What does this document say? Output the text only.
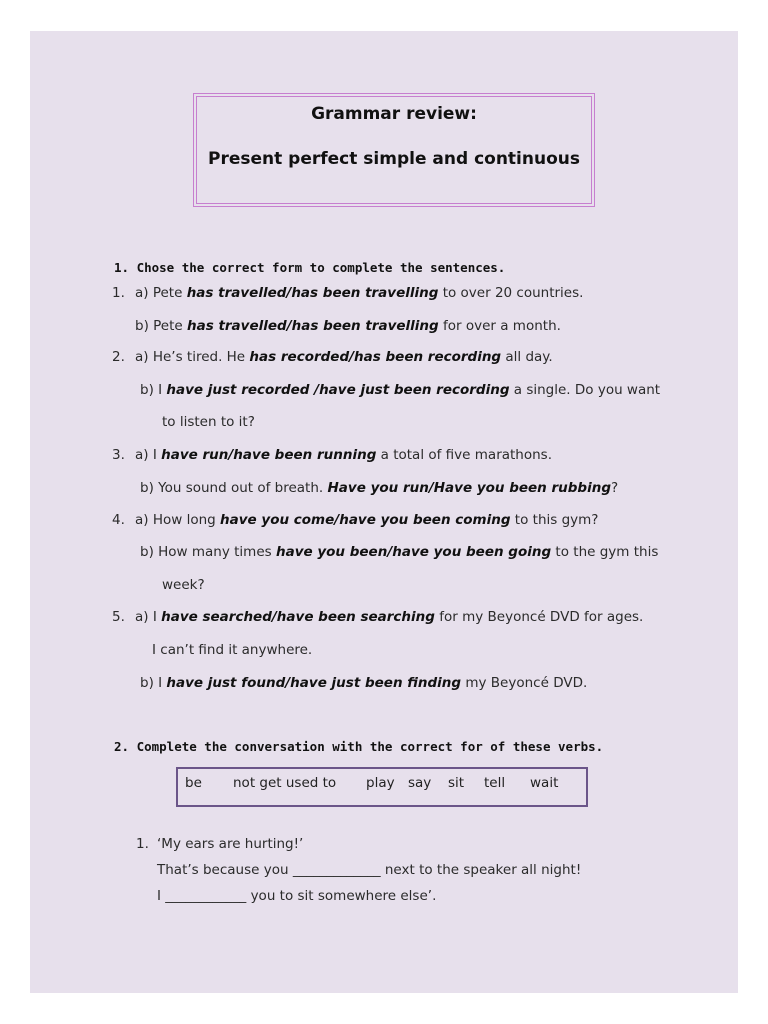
Grammar review:
Present perfect simple and continuous
1. Chose the correct form to complete the sentences.
1. a) Pete has travelled/has been travelling to over 20 countries.
b) Pete has travelled/has been travelling for over a month.
2. a) He’s tired. He has recorded/has been recording all day.
b) I have just recorded /have just been recording a single. Do you want
to listen to it?
3. a) I have run/have been running a total of five marathons.
b) You sound out of breath. Have you run/Have you been rubbing?
4. a) How long have you come/have you been coming to this gym?
b) How many times have you been/have you been going to the gym this
week?
5. a) I have searched/have been searching for my Beyoncé DVD for ages.
I can’t find it anywhere.
b) I have just found/have just been finding my Beyoncé DVD.
2. Complete the conversation with the correct for of these verbs.
be not get used to play say sit tell wait
1. ‘My ears are hurting!’
That’s because you _____________ next to the speaker all night!
I ____________ you to sit somewhere else’.
